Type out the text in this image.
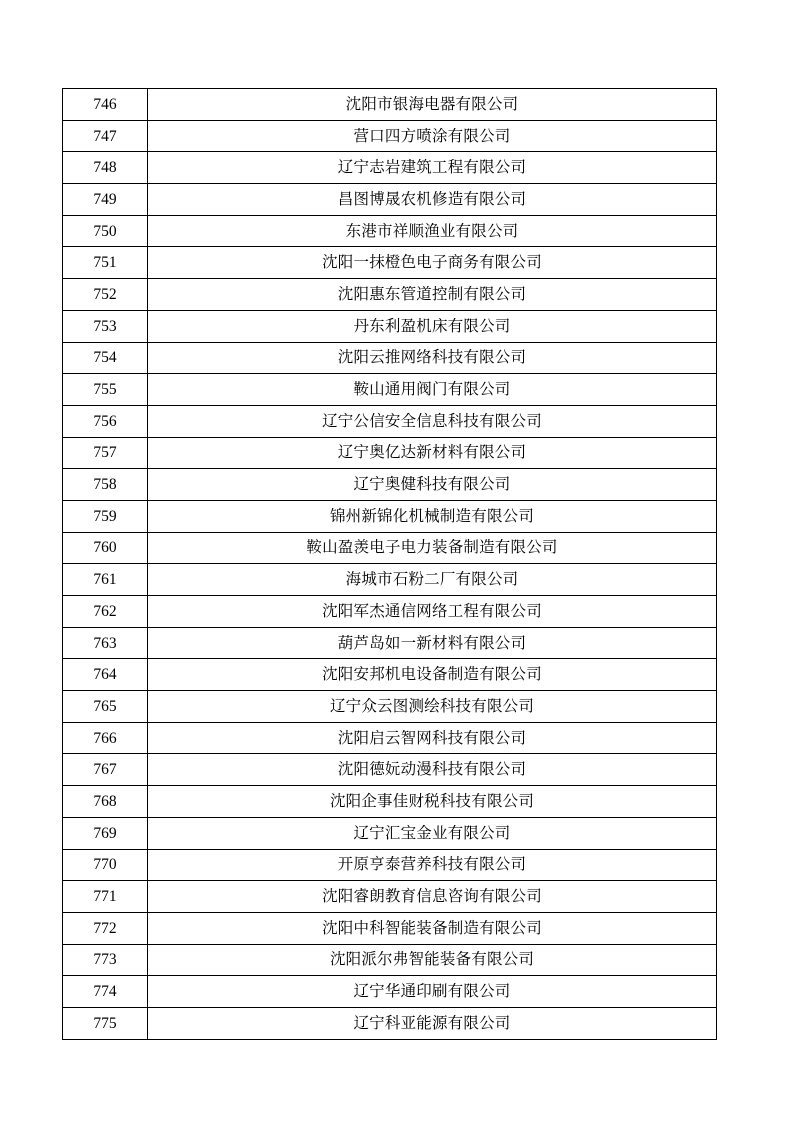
746	沈阳市银海电器有限公司
747	营口四方喷涂有限公司
748	辽宁志岩建筑工程有限公司
749	昌图博晟农机修造有限公司
750	东港市祥顺渔业有限公司
751	沈阳一抹橙色电子商务有限公司
752	沈阳惠东管道控制有限公司
753	丹东利盈机床有限公司
754	沈阳云推网络科技有限公司
755	鞍山通用阀门有限公司
756	辽宁公信安全信息科技有限公司
757	辽宁奥亿达新材料有限公司
758	辽宁奥健科技有限公司
759	锦州新锦化机械制造有限公司
760	鞍山盈羡电子电力装备制造有限公司
761	海城市石粉二厂有限公司
762	沈阳军杰通信网络工程有限公司
763	葫芦岛如一新材料有限公司
764	沈阳安邦机电设备制造有限公司
765	辽宁众云图测绘科技有限公司
766	沈阳启云智网科技有限公司
767	沈阳德妧动漫科技有限公司
768	沈阳企事佳财税科技有限公司
769	辽宁汇宝金业有限公司
770	开原亨泰营养科技有限公司
771	沈阳睿朗教育信息咨询有限公司
772	沈阳中科智能装备制造有限公司
773	沈阳派尔弗智能装备有限公司
774	辽宁华通印刷有限公司
775	辽宁科亚能源有限公司
